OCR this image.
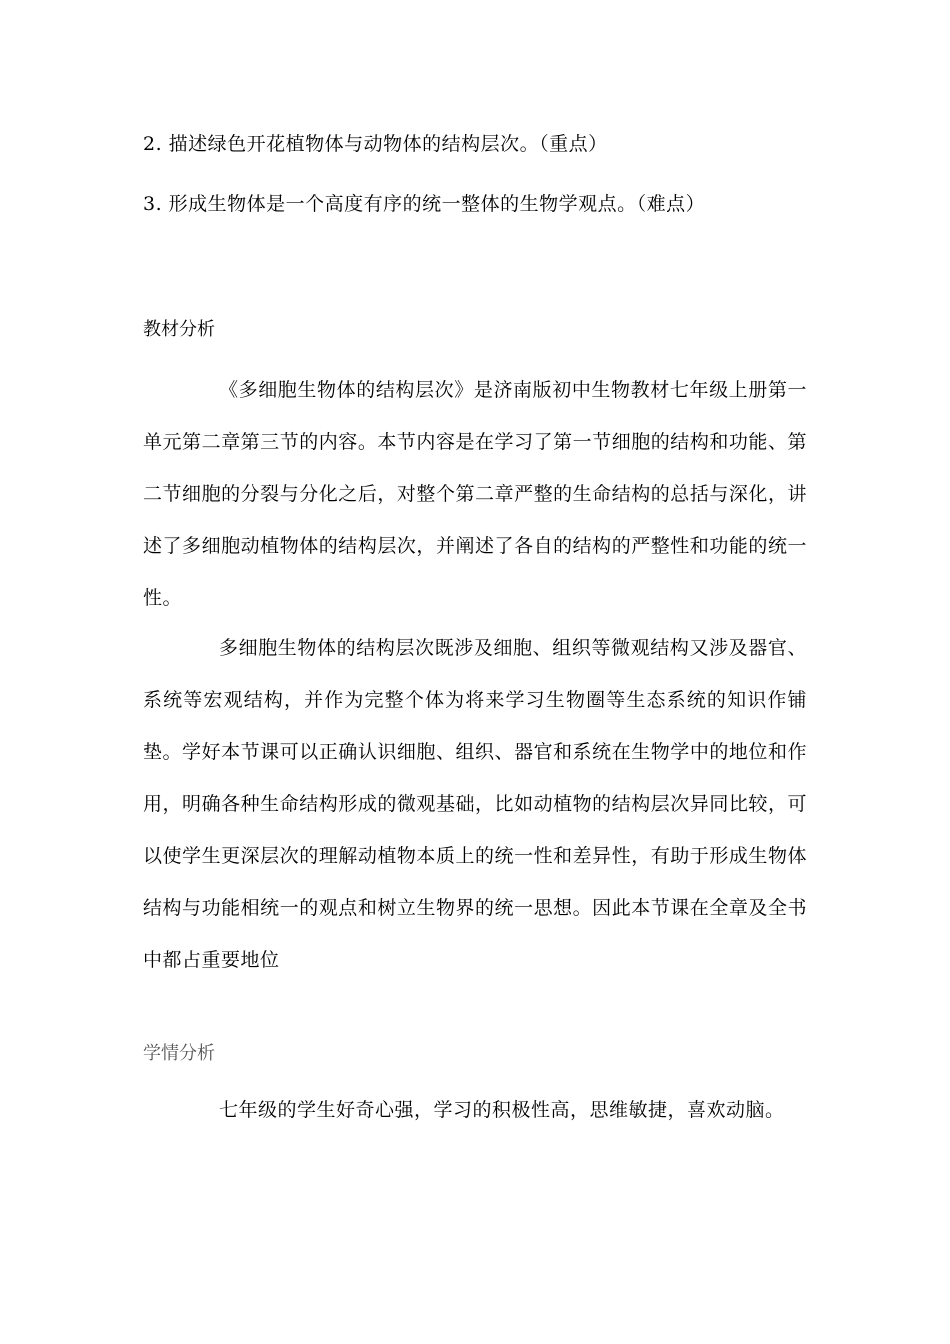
2. 描述绿色开花植物体与动物体的结构层次。（重点）
3. 形成生物体是一个高度有序的统一整体的生物学观点。（难点）
教材分析
《多细胞生物体的结构层次》是济南版初中生物教材七年级上册第一单元第二章第三节的内容。本节内容是在学习了第一节细胞的结构和功能、第二节细胞的分裂与分化之后，对整个第二章严整的生命结构的总括与深化，讲述了多细胞动植物体的结构层次，并阐述了各自的结构的严整性和功能的统一性。
多细胞生物体的结构层次既涉及细胞、组织等微观结构又涉及器官、系统等宏观结构，并作为完整个体为将来学习生物圈等生态系统的知识作铺垫。学好本节课可以正确认识细胞、组织、器官和系统在生物学中的地位和作用，明确各种生命结构形成的微观基础，比如动植物的结构层次异同比较，可以使学生更深层次的理解动植物本质上的统一性和差异性，有助于形成生物体结构与功能相统一的观点和树立生物界的统一思想。因此本节课在全章及全书中都占重要地位
学情分析
七年级的学生好奇心强，学习的积极性高，思维敏捷，喜欢动脑。
